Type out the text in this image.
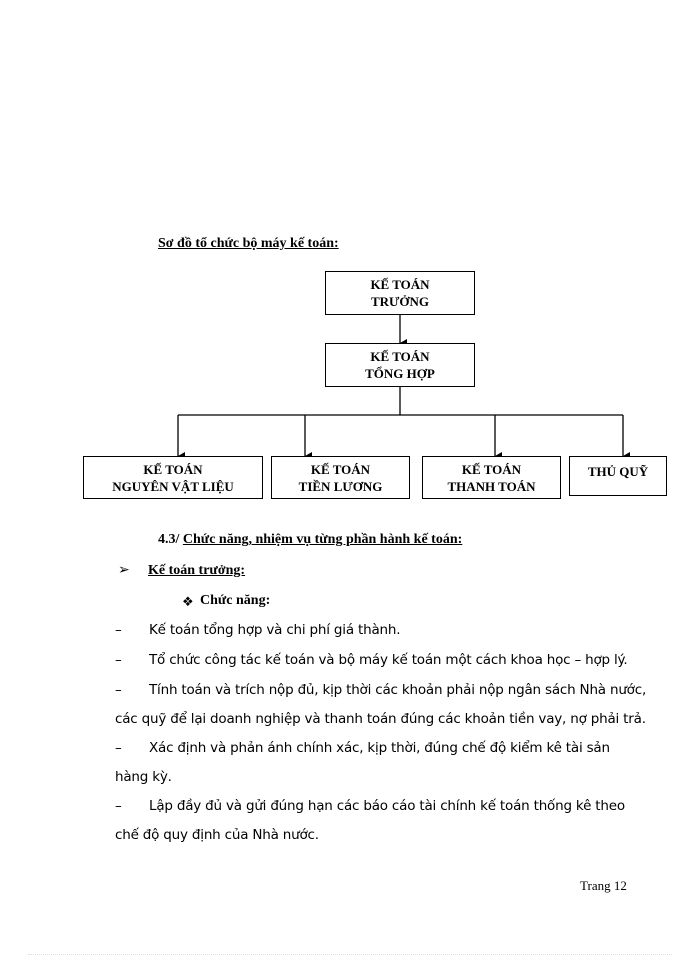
Sơ đồ tổ chức bộ máy kế toán:
KẾ TOÁN
TRƯỞNG
KẾ TOÁN
TỔNG HỢP
KẾ TOÁN
NGUYÊN VẬT LIỆU
KẾ TOÁN
TIỀN LƯƠNG
KẾ TOÁN
THANH TOÁN
THỦ QUỸ
4.3/ Chức năng, nhiệm vụ từng phần hành kế toán:
➢ Kế toán trưởng:
❖ Chức năng:
– Kế toán tổng hợp và chi phí giá thành.
– Tổ chức công tác kế toán và bộ máy kế toán một cách khoa học – hợp lý.
– Tính toán và trích nộp đủ, kịp thời các khoản phải nộp ngân sách Nhà nước,
các quỹ để lại doanh nghiệp và thanh toán đúng các khoản tiền vay, nợ phải trả.
– Xác định và phản ánh chính xác, kịp thời, đúng chế độ kiểm kê tài sản
hàng kỳ.
– Lập đầy đủ và gửi đúng hạn các báo cáo tài chính kế toán thống kê theo
chế độ quy định của Nhà nước.
Trang 12
